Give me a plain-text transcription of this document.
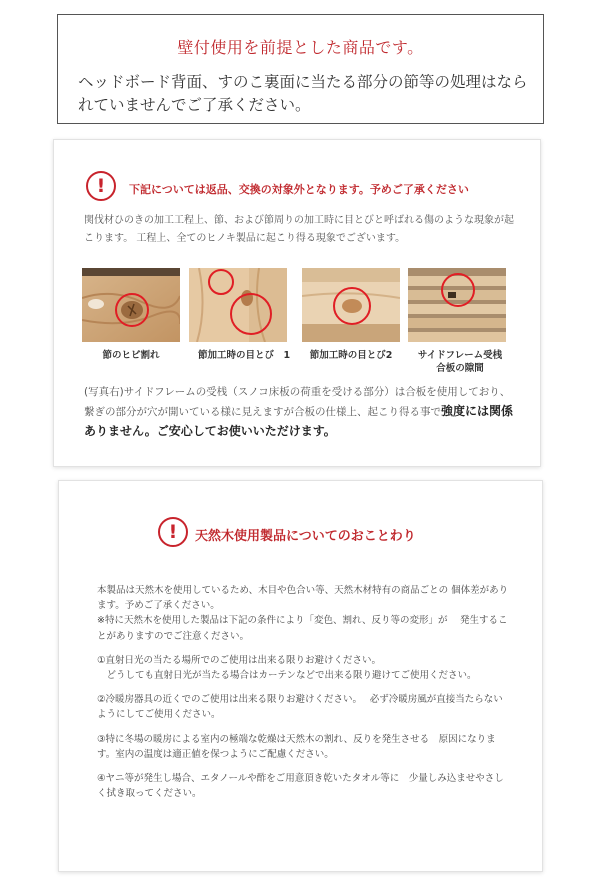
壁付使用を前提とした商品です。
ヘッドボード背面、すのこ裏面に当たる部分の節等の処理はなられていませんでご了承ください。
!
下記については返品、交換の対象外となります。予めご了承ください
関伐材ひのきの加工工程上、節、および節周りの加工時に目とびと呼ばれる傷のような現象が起こります。 工程上、全てのヒノキ製品に起こり得る現象でございます。
節のヒビ割れ	節加工時の目とび　1	節加工時の目とび2	サイドフレーム受桟
合板の隙間
(写真右)サイドフレームの受桟（スノコ床板の荷重を受ける部分）は合板を使用しており、繋ぎの部分が穴が開いている様に見えますが合板の仕様上、起こり得る事で強度には関係ありません。ご安心してお使いいただけます。
!
天然木使用製品についてのおことわり

本製品は天然木を使用しているため、木目や色合い等、天然木材特有の商品ごとの 個体差があります。予めご了承ください。
※特に天然木を使用した製品は下記の条件により「変色、割れ、反り等の変形」が　 発生することがありますのでご注意ください。

①直射日光の当たる場所でのご使用は出来る限りお避けください。
　どうしても直射日光が当たる場合はカーテンなどで出来る限り避けてご使用ください。

②冷暖房器具の近くでのご使用は出来る限りお避けください。　 必ず冷暖房風が直接当たらないようにしてご使用ください。

③特に冬場の暖房による室内の極端な乾燥は天然木の割れ、反りを発生させる　原因になります。室内の温度は適正値を保つようにご配慮ください。

④ヤニ等が発生し場合、エタノールや酢をご用意頂き乾いたタオル等に　少量しみ込ませやさしく拭き取ってください。
